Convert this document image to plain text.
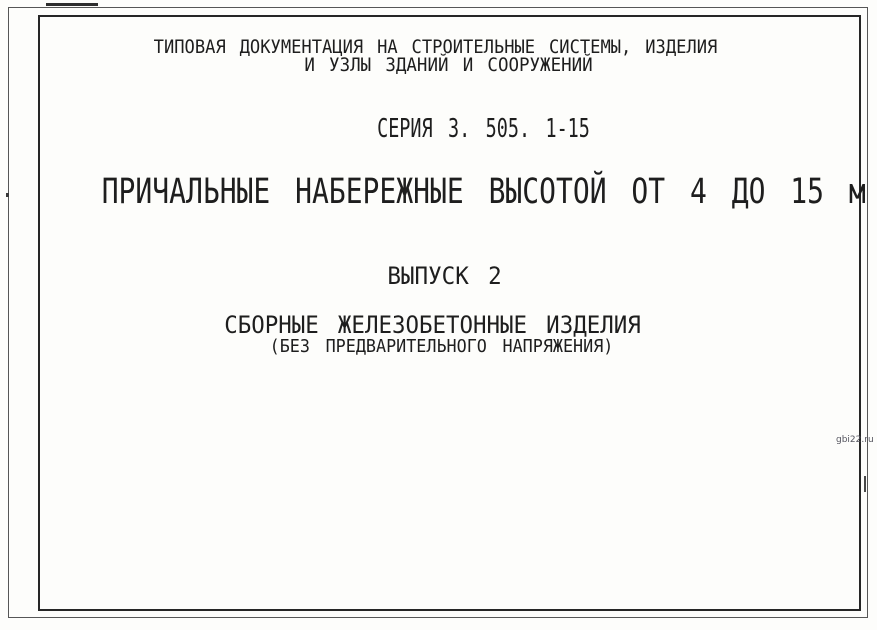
ТИПОВАЯ ДОКУМЕНТАЦИЯ НА СТРОИТЕЛЬНЫЕ СИСТЕМЫ, ИЗДЕЛИЯ
И УЗЛЫ ЗДАНИЙ И СООРУЖЕНИЙ
СЕРИЯ 3. 505. 1-15
ПРИЧАЛЬНЫЕ НАБЕРЕЖНЫЕ ВЫСОТОЙ ОТ 4 ДО 15 м
ВЫПУСК 2
СБОРНЫЕ ЖЕЛЕЗОБЕТОННЫЕ ИЗДЕЛИЯ
(БЕЗ ПРЕДВАРИТЕЛЬНОГО НАПРЯЖЕНИЯ)
gbi22.ru
